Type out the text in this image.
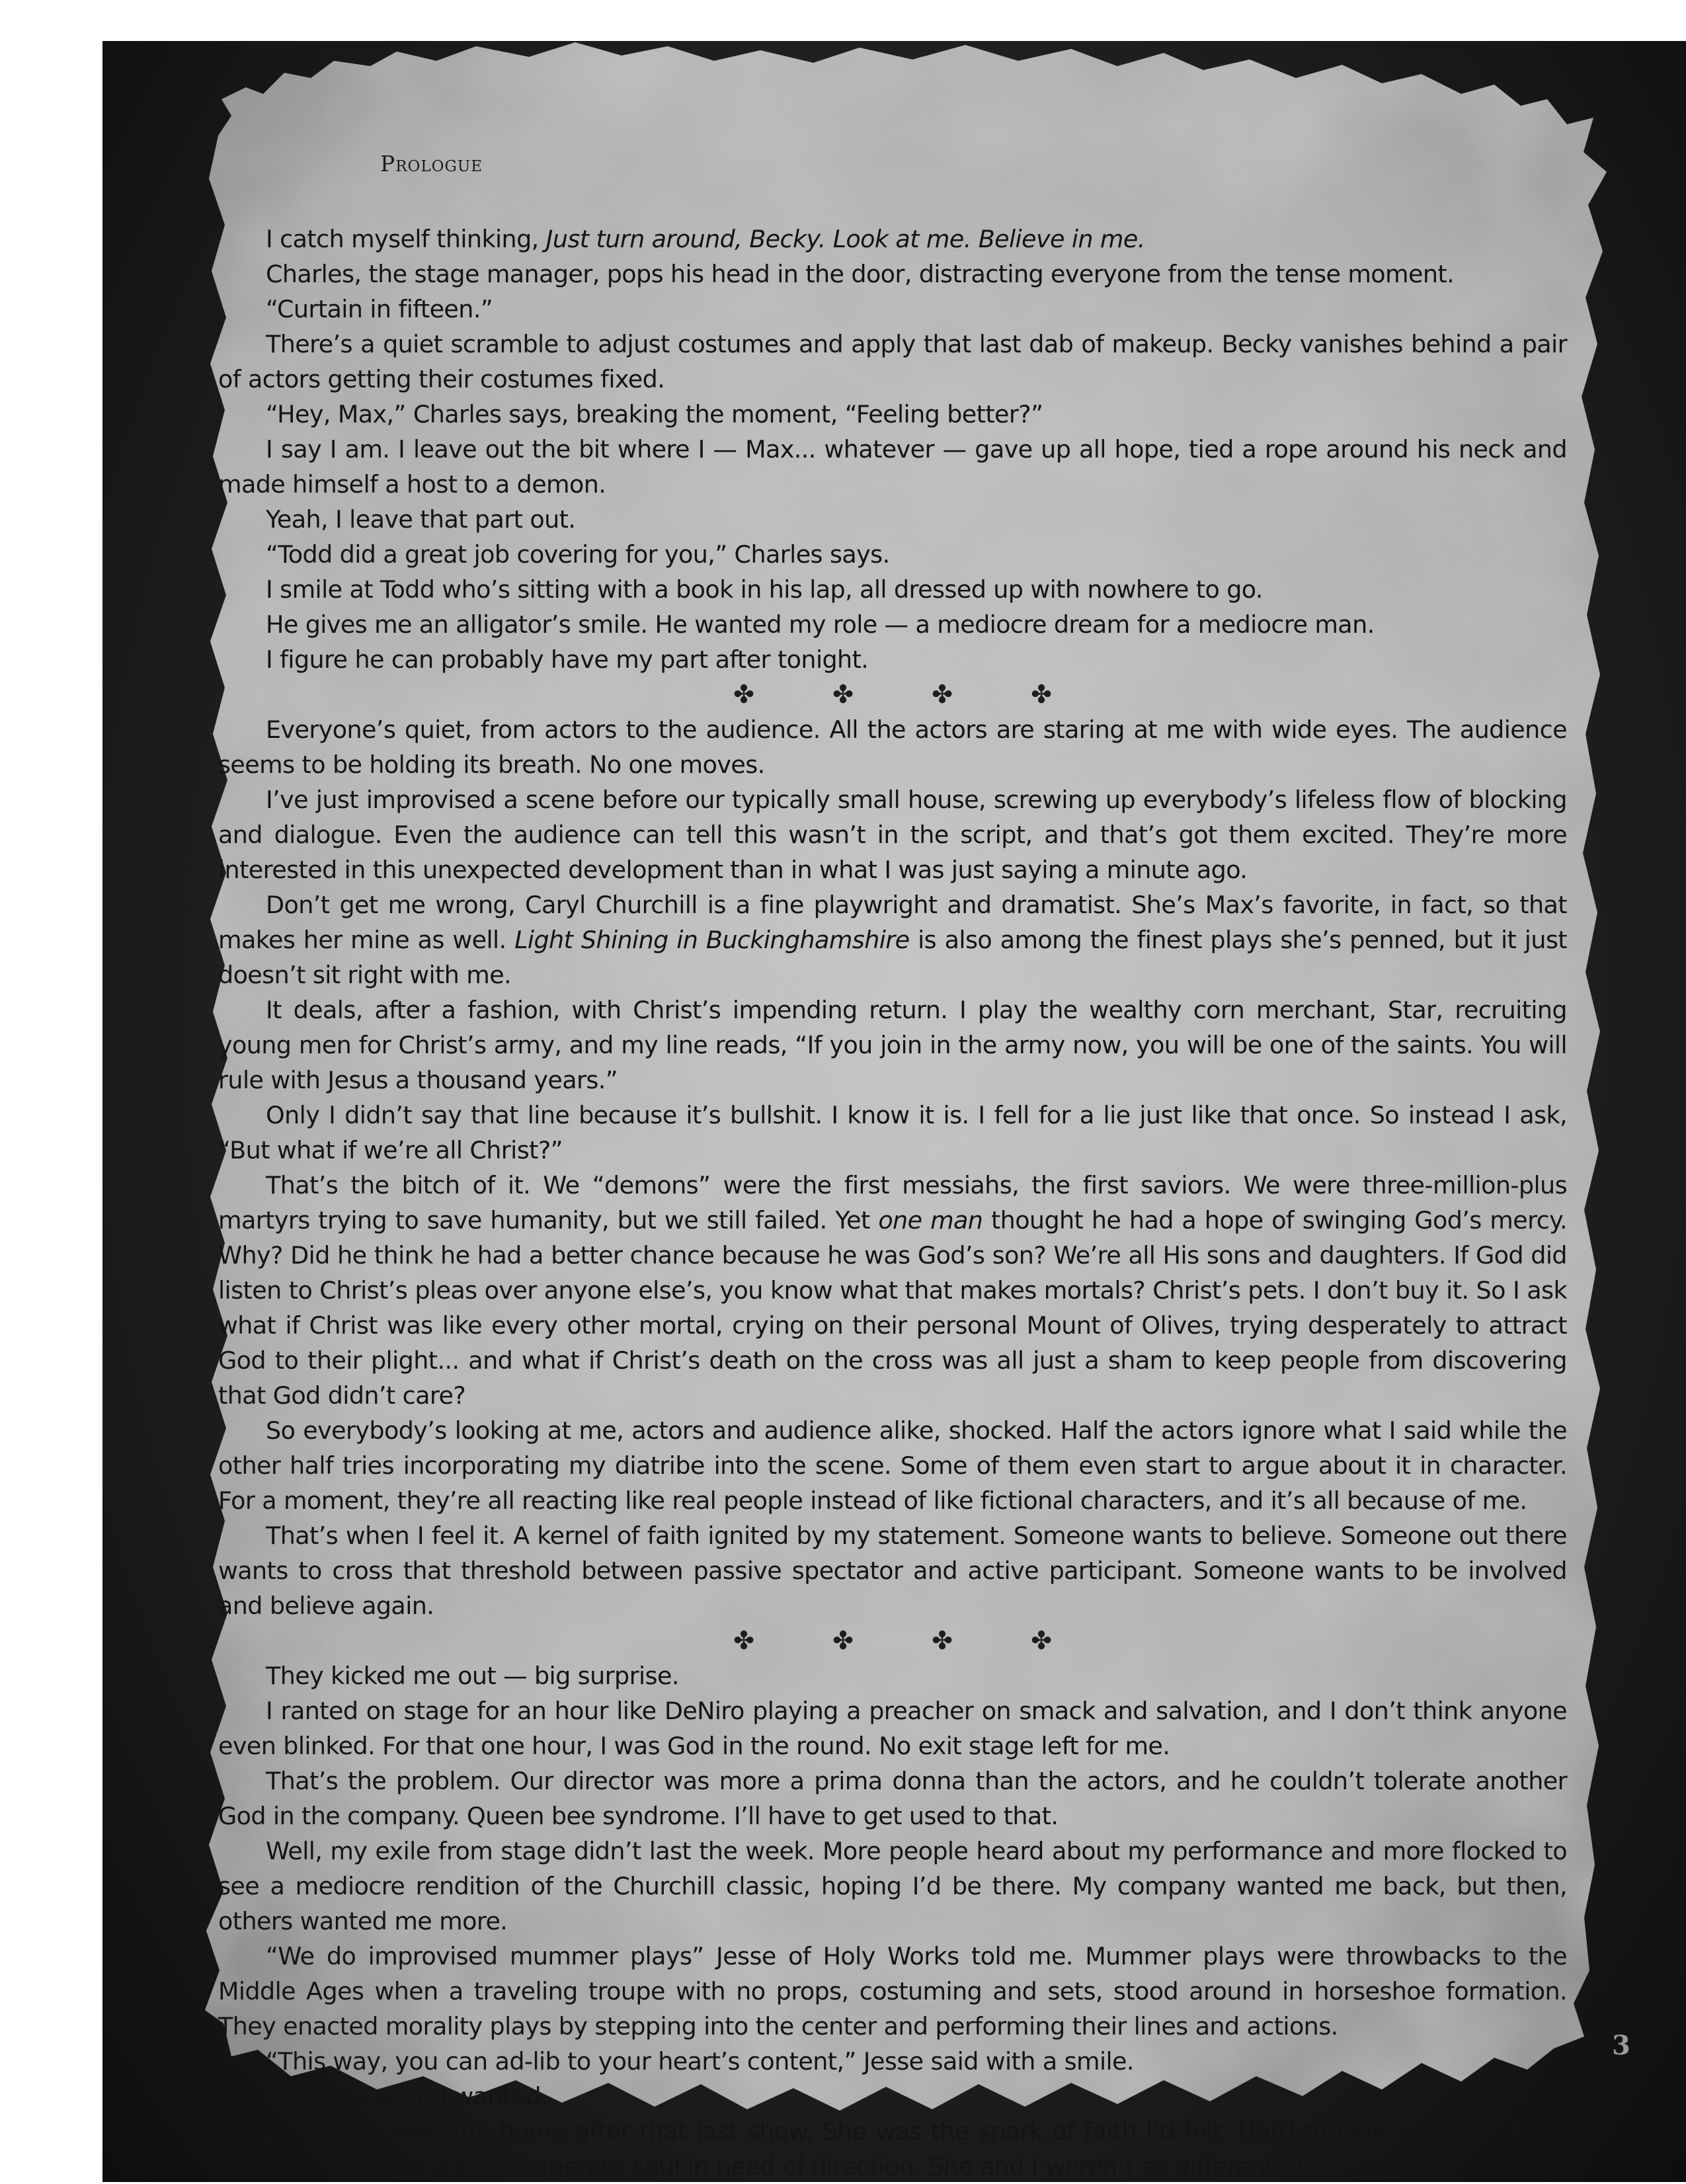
Prologue

I catch myself thinking, Just turn around, Becky. Look at me. Believe in me.

Charles, the stage manager, pops his head in the door, distracting everyone from the tense moment.

“Curtain in fifteen.”

There’s a quiet scramble to adjust costumes and apply that last dab of makeup. Becky vanishes behind a pair of actors getting their costumes fixed.

“Hey, Max,” Charles says, breaking the moment, “Feeling better?”

I say I am. I leave out the bit where I — Max... whatever — gave up all hope, tied a rope around his neck and made himself a host to a demon.

Yeah, I leave that part out.

“Todd did a great job covering for you,” Charles says.

I smile at Todd who’s sitting with a book in his lap, all dressed up with nowhere to go.

He gives me an alligator’s smile. He wanted my role — a mediocre dream for a mediocre man.

I figure he can probably have my part after tonight.

✤	✤	✤	✤

Everyone’s quiet, from actors to the audience. All the actors are staring at me with wide eyes. The audience seems to be holding its breath. No one moves.

I’ve just improvised a scene before our typically small house, screwing up everybody’s lifeless flow of blocking and dialogue. Even the audience can tell this wasn’t in the script, and that’s got them excited. They’re more interested in this unexpected development than in what I was just saying a minute ago.

Don’t get me wrong, Caryl Churchill is a fine playwright and dramatist. She’s Max’s favorite, in fact, so that makes her mine as well. Light Shining in Buckinghamshire is also among the finest plays she’s penned, but it just doesn’t sit right with me.

It deals, after a fashion, with Christ’s impending return. I play the wealthy corn merchant, Star, recruiting young men for Christ’s army, and my line reads, “If you join in the army now, you will be one of the saints. You will rule with Jesus a thousand years.”

Only I didn’t say that line because it’s bullshit. I know it is. I fell for a lie just like that once. So instead I ask, “But what if we’re all Christ?”

That’s the bitch of it. We “demons” were the first messiahs, the first saviors. We were three-million-plus martyrs trying to save humanity, but we still failed. Yet one man thought he had a hope of swinging God’s mercy. Why? Did he think he had a better chance because he was God’s son? We’re all His sons and daughters. If God did listen to Christ’s pleas over anyone else’s, you know what that makes mortals? Christ’s pets. I don’t buy it. So I ask what if Christ was like every other mortal, crying on their personal Mount of Olives, trying desperately to attract God to their plight... and what if Christ’s death on the cross was all just a sham to keep people from discovering that God didn’t care?

So everybody’s looking at me, actors and audience alike, shocked. Half the actors ignore what I said while the other half tries incorporating my diatribe into the scene. Some of them even start to argue about it in character. For a moment, they’re all reacting like real people instead of like fictional characters, and it’s all because of me.

That’s when I feel it. A kernel of faith ignited by my statement. Someone wants to believe. Someone out there wants to cross that threshold between passive spectator and active participant. Someone wants to be involved and believe again.

✤	✤	✤	✤

They kicked me out — big surprise.

I ranted on stage for an hour like DeNiro playing a preacher on smack and salvation, and I don’t think anyone even blinked. For that one hour, I was God in the round. No exit stage left for me.

That’s the problem. Our director was more a prima donna than the actors, and he couldn’t tolerate another God in the company. Queen bee syndrome. I’ll have to get used to that.

Well, my exile from stage didn’t last the week. More people heard about my performance and more flocked to see a mediocre rendition of the Churchill classic, hoping I’d be there. My company wanted me back, but then, others wanted me more.

“We do improvised mummer plays” Jesse of Holy Works told me. Mummer plays were throwbacks to the Middle Ages when a traveling troupe with no props, costuming and sets, stood around in horseshoe formation. They enacted morality plays by stepping into the center and performing their lines and actions.

“This way, you can ad-lib to your heart’s content,” Jesse said with a smile.

He knew what I wanted.

Becky followed me home after that last show. She was the spark of faith I’d felt. Hard to believe that behind that hard exterior was a desperate soul in need of direction. She and I weren’t so different after all.

3
